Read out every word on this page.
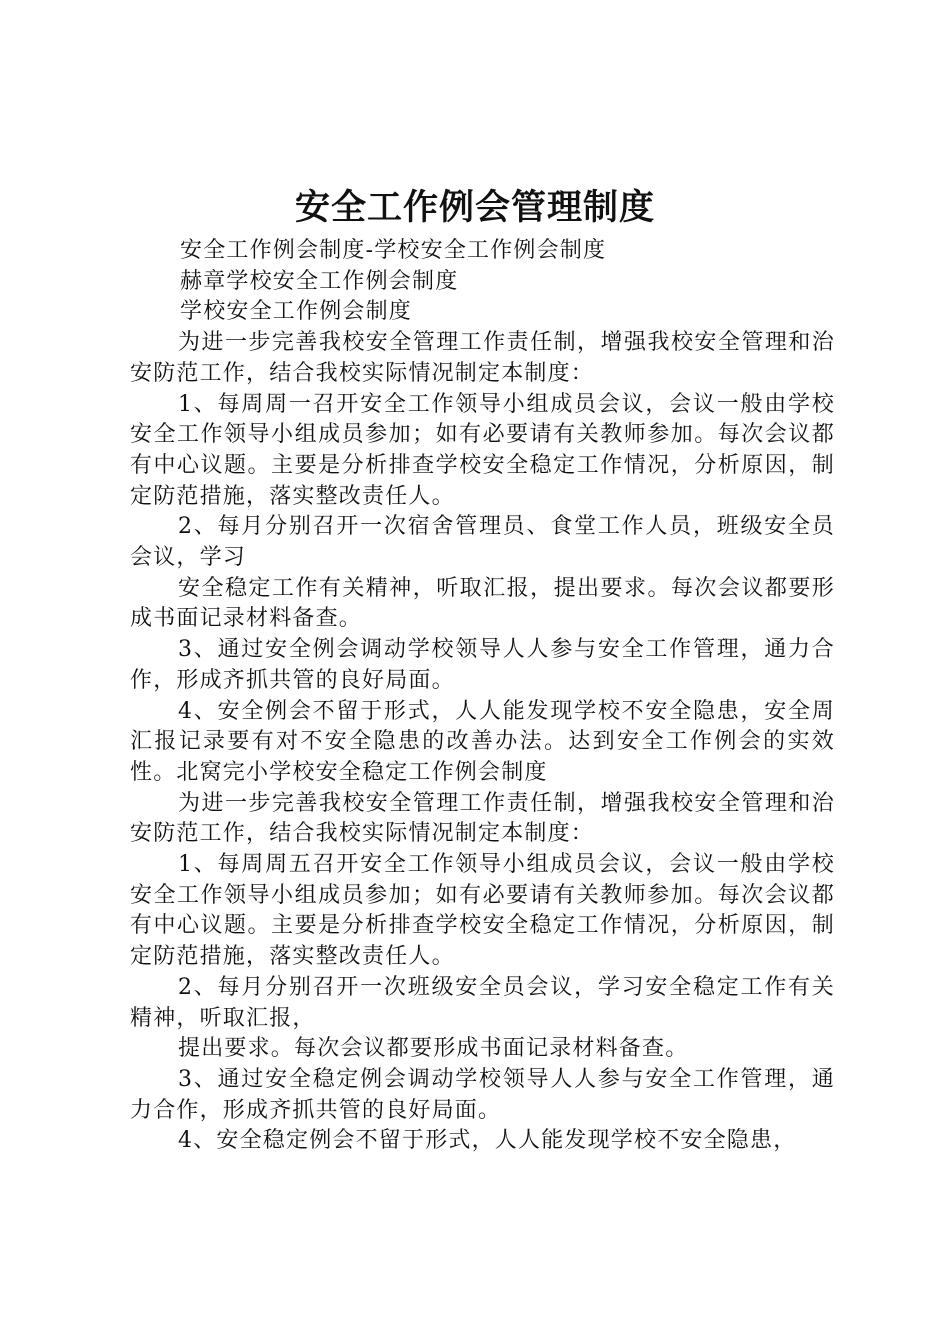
安全工作例会管理制度

安全工作例会制度-学校安全工作例会制度

赫章学校安全工作例会制度

学校安全工作例会制度

为进一步完善我校安全管理工作责任制，增强我校安全管理和治安防范工作，结合我校实际情况制定本制度：

1、每周周一召开安全工作领导小组成员会议，会议一般由学校安全工作领导小组成员参加；如有必要请有关教师参加。每次会议都有中心议题。主要是分析排查学校安全稳定工作情况，分析原因，制定防范措施，落实整改责任人。

2、每月分别召开一次宿舍管理员、食堂工作人员，班级安全员会议，学习

安全稳定工作有关精神，听取汇报，提出要求。每次会议都要形成书面记录材料备查。

3、通过安全例会调动学校领导人人参与安全工作管理，通力合作，形成齐抓共管的良好局面。

4、安全例会不留于形式，人人能发现学校不安全隐患，安全周汇报记录要有对不安全隐患的改善办法。达到安全工作例会的实效性。北窝完小学校安全稳定工作例会制度

为进一步完善我校安全管理工作责任制，增强我校安全管理和治安防范工作，结合我校实际情况制定本制度：

1、每周周五召开安全工作领导小组成员会议，会议一般由学校安全工作领导小组成员参加；如有必要请有关教师参加。每次会议都有中心议题。主要是分析排查学校安全稳定工作情况，分析原因，制定防范措施，落实整改责任人。

2、每月分别召开一次班级安全员会议，学习安全稳定工作有关精神，听取汇报，

提出要求。每次会议都要形成书面记录材料备查。

3、通过安全稳定例会调动学校领导人人参与安全工作管理，通力合作，形成齐抓共管的良好局面。

4、安全稳定例会不留于形式，人人能发现学校不安全隐患，
